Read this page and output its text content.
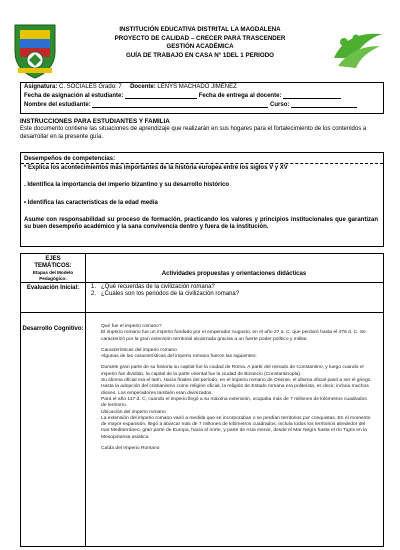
INSTITUCIÓN EDUCATIVA DISTRITAL LA MAGDALENA
PROYECTO DE CALIDAD – CRECER PARA TRASCENDER
GESTIÓN ACADÉMICA
GUÍA DE TRABAJO EN CASA N° 1DEL 1 PERIODO
Asignatura: C. SOCIALES Grado: 7 Docente: LENYS MACHADO JIMENEZ
Fecha de asignación al estudiante:	Fecha de entrega al docente:
Nombre del estudiante:	Curso:
INSTRUCCIONES PARA ESTUDIANTES Y FAMILIA
Este documento contiene las situaciones de aprendizaje que realizarán en sus hogares para el fortalecimiento de los contenidos a desarrollar en la presente guía.
Desempeños de competencias:
* Explica los acontecimientos más importantes de la historia europea entre los siglos V y XV
. Identifica la importancia del imperio bizantino y su desarrollo histórico
• Identifica las características de la edad media
Asume con responsabilidad su proceso de formación, practicando los valores y principios institucionales que garantizan su buen desempeño académico y la sana convivencia dentro y fuera de la institución.
EJES TEMÁTICOS:
Etapas del Modelo Pedagógico:
Actividades propuestas y orientaciones didácticas
Evaluación Inicial:	1.   ¿Qué recuerdas de la civilización romana?
2.   ¿Cuáles son los periodos de la civilización romana?
Desarrollo Cognitivo:	Qué fue el imperio romano?

El imperio romano fue un imperio fundado por el emperador Augusto, en el año 27 a. C. que perduró hasta el 476 d. C. Se caracterizó por la gran extensión territorial alcanzada gracias a un fuerte poder político y militar.

Características del imperio romano

Algunas de las características del imperio romano fueron las siguientes:

Durante gran parte de su historia su capital fue la ciudad de Roma. A partir del reinado de Constantino, y luego cuando el imperio fue dividido, la capital de la parte oriental fue la ciudad de Bizancio (Constantinopla).

Su idioma oficial era el latín. Hacia finales del periodo, en el imperio romano de Oriente, el idioma oficial pasó a ser el griego.

Hasta la adopción del cristianismo como religión oficial, la religión de Estado romana era politeísta, es decir, incluía muchos dioses. Los emperadores también eran divinizados.

Para el año 117 d. C, cuando el imperio llegó a su máxima extensión, ocupaba más de 7 millones de kilómetros cuadrados de territorio.

Ubicación del imperio romano

La extensión del imperio romano varió a medida que se incorporaban o se perdían territorios por conquistas. En el momento de mayor expansión, llegó a abarcar más de 7 millones de kilómetros cuadrados. Incluía todos los territorios alrededor del mar Mediterráneo, gran parte de Europa, hacia el norte, y parte de Asia menor, desde el Mar Negro hasta el río Tigris en la Mesopotamia asiática.

Caída del Imperio Romano
